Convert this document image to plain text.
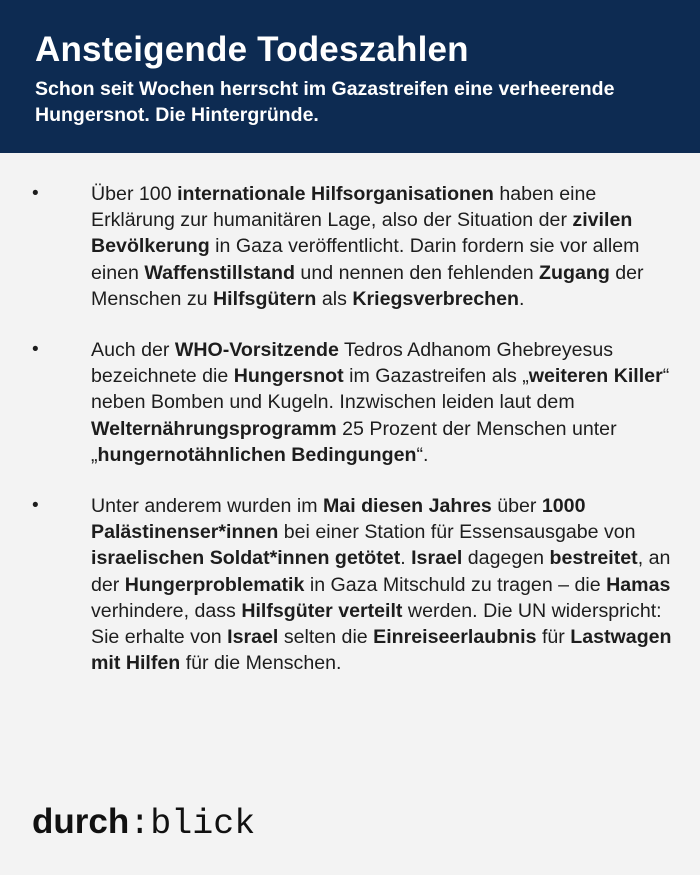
Ansteigende Todeszahlen

Schon seit Wochen herrscht im Gazastreifen eine verheerende Hungersnot. Die Hintergründe.

•	Über 100 internationale Hilfsorganisationen haben eine Erklärung zur humanitären Lage, also der Situation der zivilen Bevölkerung in Gaza veröffentlicht. Darin fordern sie vor allem einen Waffenstillstand und nennen den fehlenden Zugang der Menschen zu Hilfsgütern als Kriegsverbrechen.
•	Auch der WHO-Vorsitzende Tedros Adhanom Ghebreyesus bezeichnete die Hungersnot im Gazastreifen als „weiteren Killer“ neben Bomben und Kugeln. Inzwischen leiden laut dem Welternährungsprogramm 25 Prozent der Menschen unter „hungernotähnlichen Bedingungen“.
•	Unter anderem wurden im Mai diesen Jahres über 1000 Palästinenser*innen bei einer Station für Essensausgabe von israelischen Soldat*innen getötet. Israel dagegen bestreitet, an der Hungerproblematik in Gaza Mitschuld zu tragen – die Hamas verhindere, dass Hilfsgüter verteilt werden. Die UN widerspricht: Sie erhalte von Israel selten die Einreiseerlaubnis für Lastwagen mit Hilfen für die Menschen.
durch:blick
